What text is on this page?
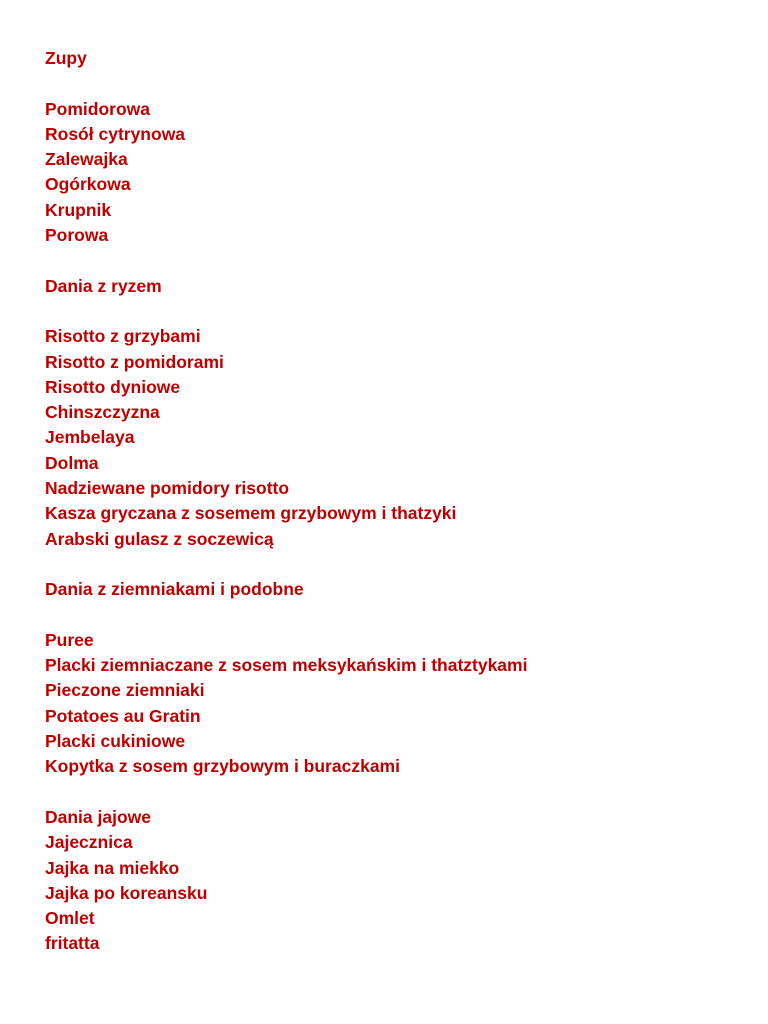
Zupy
Pomidorowa
Rosół cytrynowa
Zalewajka
Ogórkowa
Krupnik
Porowa
Dania z ryzem
Risotto z grzybami
Risotto z pomidorami
Risotto dyniowe
Chinszczyzna
Jembelaya
Dolma
Nadziewane pomidory risotto
Kasza gryczana z sosemem grzybowym i thatzyki
Arabski gulasz z soczewicą
Dania z ziemniakami i podobne
Puree
Placki ziemniaczane z sosem meksykańskim i thatztykami
Pieczone ziemniaki
Potatoes au Gratin
Placki cukiniowe
Kopytka z sosem grzybowym i buraczkami
Dania jajowe
Jajecznica
Jajka na miekko
Jajka po koreansku
Omlet
fritatta
